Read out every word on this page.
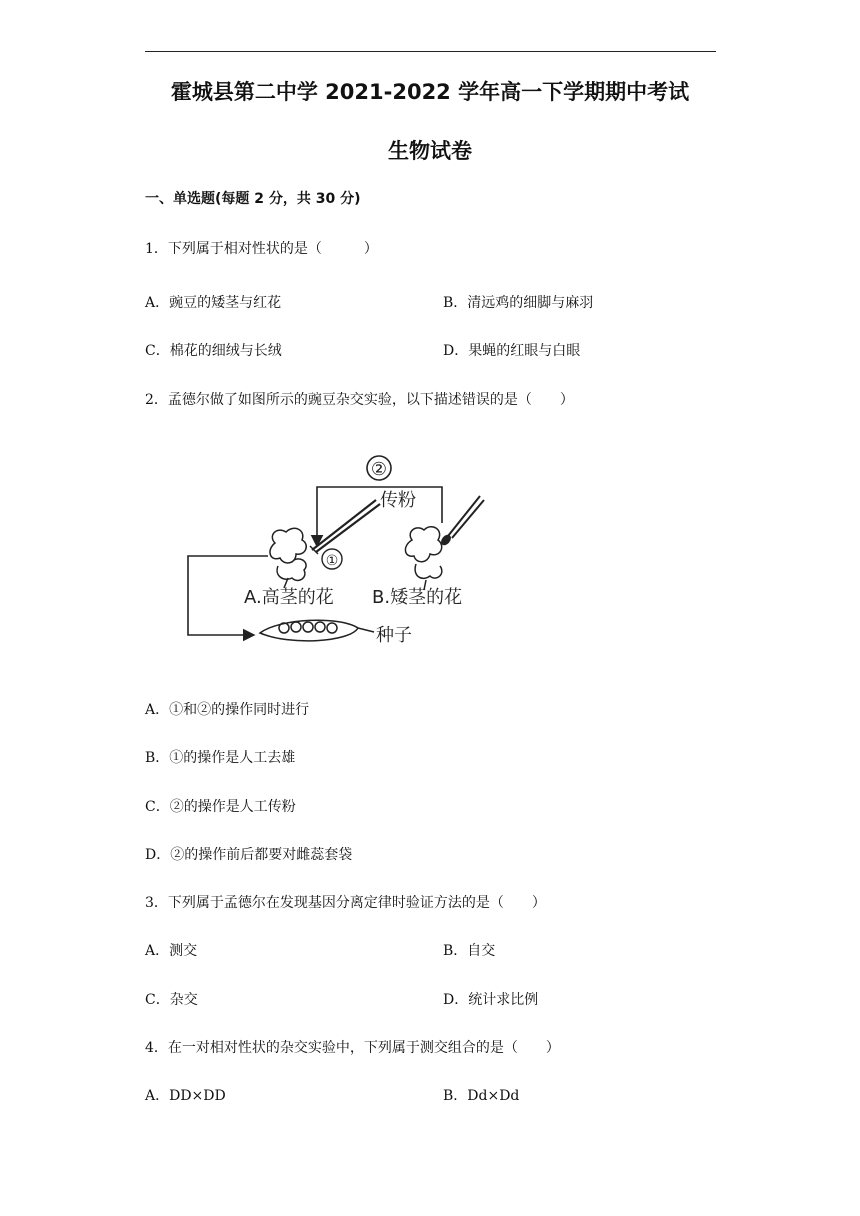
霍城县第二中学 2021-2022 学年高一下学期期中考试
生物试卷
一、单选题(每题 2 分，共 30 分)
1．下列属于相对性状的是（　　　）
A．豌豆的矮茎与红花	B．清远鸡的细脚与麻羽
C．棉花的细绒与长绒	D．果蝇的红眼与白眼
2．孟德尔做了如图所示的豌豆杂交实验，以下描述错误的是（　　）
②
传粉
①
A.高茎的花 B.矮茎的花
种子
A．①和②的操作同时进行
B．①的操作是人工去雄
C．②的操作是人工传粉
D．②的操作前后都要对雌蕊套袋
3．下列属于孟德尔在发现基因分离定律时验证方法的是（　　）
A．测交	B．自交
C．杂交	D．统计求比例
4．在一对相对性状的杂交实验中，下列属于测交组合的是（　　）
A．DD×DD	B．Dd×Dd
